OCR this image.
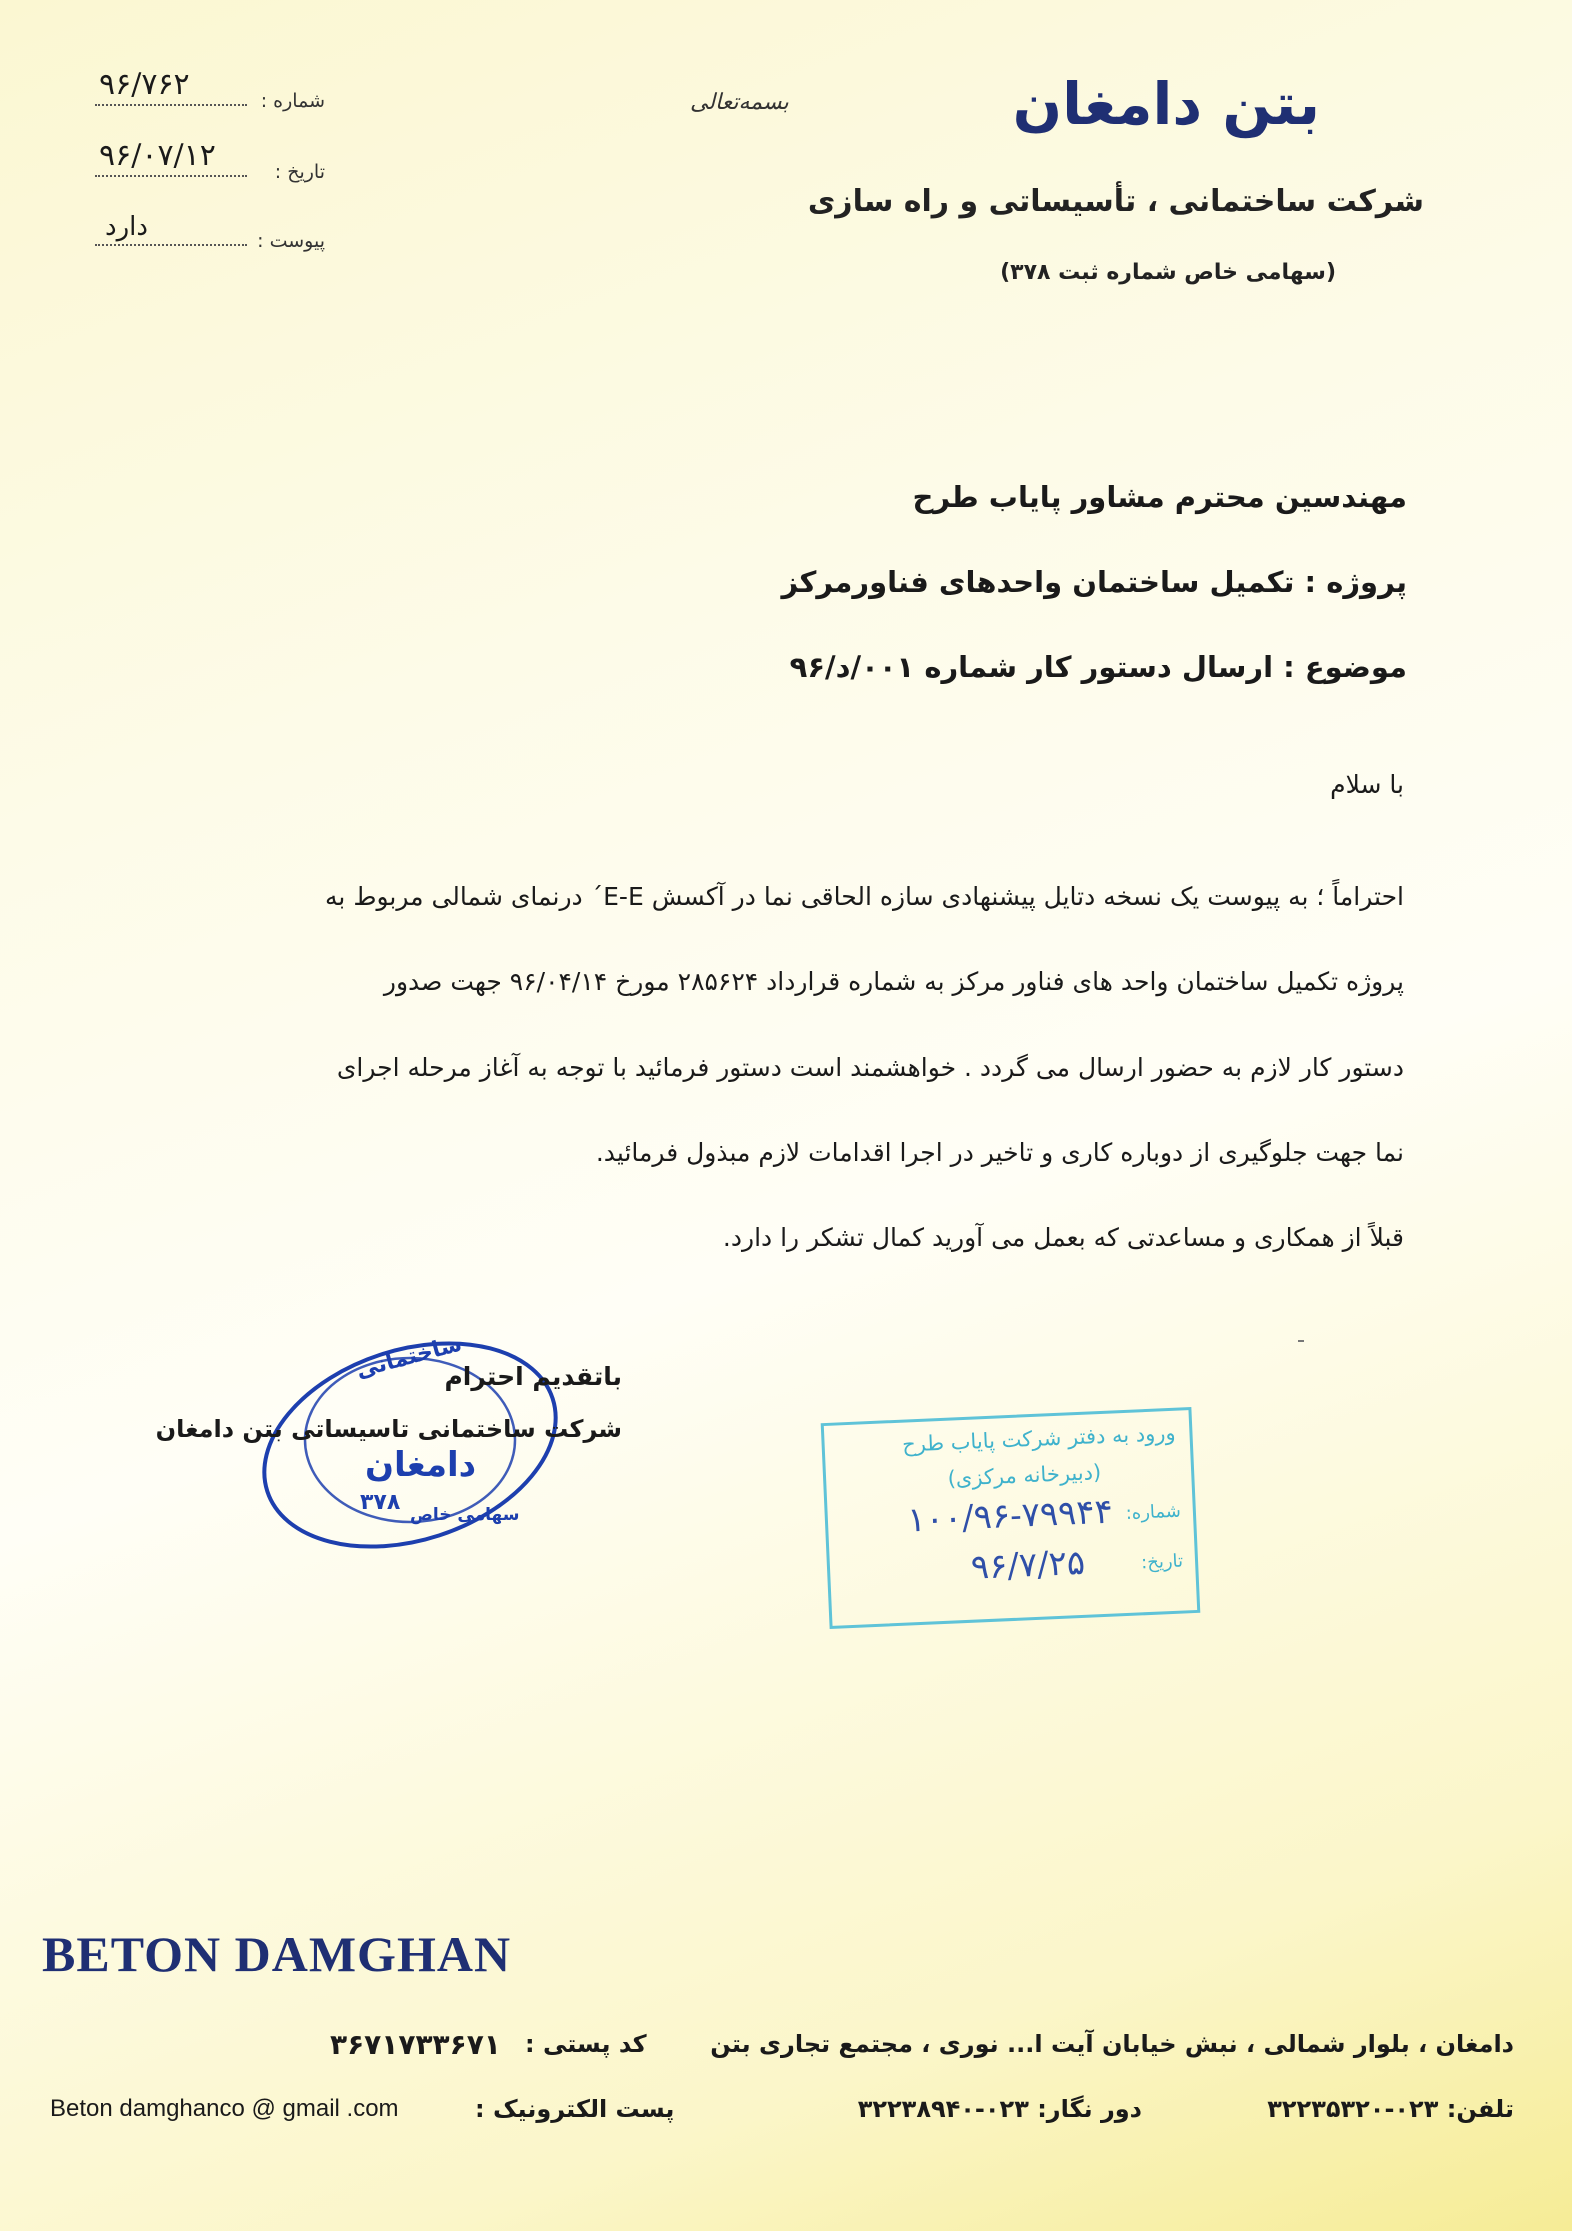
شماره :
۹۶/۷۶۲
تاریخ :
۹۶/۰۷/۱۲
پیوست :
دارد
بسمه‌تعالی	بتن دامغان
شرکت ساختمانی ، تأسیساتی و راه سازی
(سهامی خاص شماره ثبت ۳۷۸)
مهندسین محترم مشاور پایاب طرح
پروژه : تکمیل ساختمان واحدهای فناورمرکز
موضوع : ارسال دستور کار شماره ۰۰۱/د/۹۶
با سلام
احتراماً ؛ به پیوست یک نسخه دتایل پیشنهادی سازه الحاقی نما در آکسش E-E´ درنمای شمالی مربوط به
پروژه تکمیل ساختمان واحد های فناور مرکز به شماره قرارداد ۲۸۵۶۲۴ مورخ ۹۶/۰۴/۱۴ جهت صدور
دستور کار لازم به حضور ارسال می گردد . خواهشمند است دستور فرمائید با توجه به آغاز مرحله اجرای
نما جهت جلوگیری از دوباره کاری و تاخیر در اجرا اقدامات لازم مبذول فرمائید.
قبلاً از همکاری و مساعدتی که بعمل می آورید کمال تشکر را دارد.
ساختمانی
دامغان
۳۷۸ سهامی خاص
باتقدیم احترام
شرکت ساختمانی تاسیساتی بتن دامغان	ورود به دفتر شرکت پایاب طرح
(دبیرخانه مرکزی)
شماره:
۱۰۰/۹۶-۷۹۹۴۴
تاریخ:
۹۶/۷/۲۵
BETON DAMGHAN
کد پستی :
۳۶۷۱۷۳۳۶۷۱
پست الکترونیک :
Beton damghanco @ gmail .com
دامغان ، بلوار شمالی ، نبش خیابان آیت ا... نوری ، مجتمع تجاری بتن
تلفن: ۰۲۳-۳۲۲۳۵۳۲۰
دور نگار: ۰۲۳-۳۲۲۳۸۹۴۰
